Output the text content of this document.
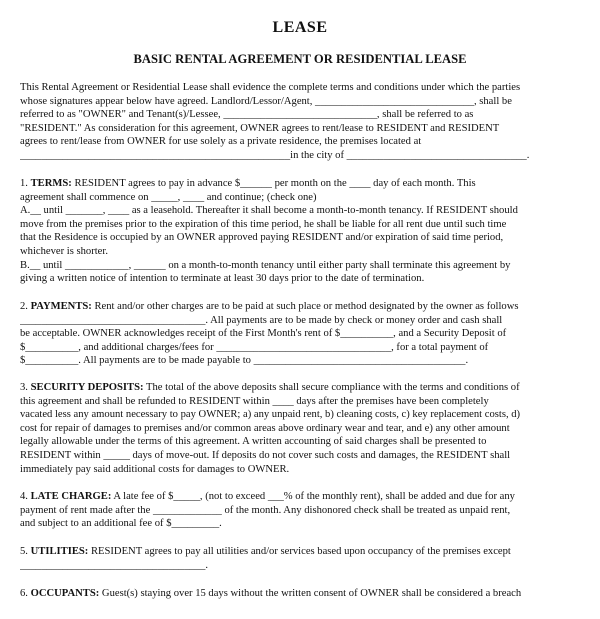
LEASE
BASIC RENTAL AGREEMENT OR RESIDENTIAL LEASE
This Rental Agreement or Residential Lease shall evidence the complete terms and conditions under which the parties
whose signatures appear below have agreed. Landlord/Lessor/Agent, ______________________________, shall be
referred to as "OWNER" and Tenant(s)/Lessee, _____________________________, shall be referred to as
"RESIDENT." As consideration for this agreement, OWNER agrees to rent/lease to RESIDENT and RESIDENT
agrees to rent/lease from OWNER for use solely as a private residence, the premises located at
___________________________________________________in the city of __________________________________.
1. TERMS: RESIDENT agrees to pay in advance $______ per month on the ____ day of each month. This
agreement shall commence on _____, ____ and continue; (check one)
A.__ until _______, ____ as a leasehold. Thereafter it shall become a month-to-month tenancy. If RESIDENT should
move from the premises prior to the expiration of this time period, he shall be liable for all rent due until such time
that the Residence is occupied by an OWNER approved paying RESIDENT and/or expiration of said time period,
whichever is shorter.
B.__ until ____________, ______ on a month-to-month tenancy until either party shall terminate this agreement by
giving a written notice of intention to terminate at least 30 days prior to the date of termination.
2. PAYMENTS: Rent and/or other charges are to be paid at such place or method designated by the owner as follows
___________________________________. All payments are to be made by check or money order and cash shall
be acceptable. OWNER acknowledges receipt of the First Month's rent of $__________, and a Security Deposit of
$__________, and additional charges/fees for _________________________________, for a total payment of
$__________. All payments are to be made payable to ________________________________________.
3. SECURITY DEPOSITS: The total of the above deposits shall secure compliance with the terms and conditions of
this agreement and shall be refunded to RESIDENT within ____ days after the premises have been completely
vacated less any amount necessary to pay OWNER; a) any unpaid rent, b) cleaning costs, c) key replacement costs, d)
cost for repair of damages to premises and/or common areas above ordinary wear and tear, and e) any other amount
legally allowable under the terms of this agreement. A written accounting of said charges shall be presented to
RESIDENT within _____ days of move-out. If deposits do not cover such costs and damages, the RESIDENT shall
immediately pay said additional costs for damages to OWNER.
4. LATE CHARGE: A late fee of $_____, (not to exceed ___% of the monthly rent), shall be added and due for any
payment of rent made after the _____________ of the month. Any dishonored check shall be treated as unpaid rent,
and subject to an additional fee of $_________.
5. UTILITIES: RESIDENT agrees to pay all utilities and/or services based upon occupancy of the premises except
___________________________________.
6. OCCUPANTS: Guest(s) staying over 15 days without the written consent of OWNER shall be considered a breach
